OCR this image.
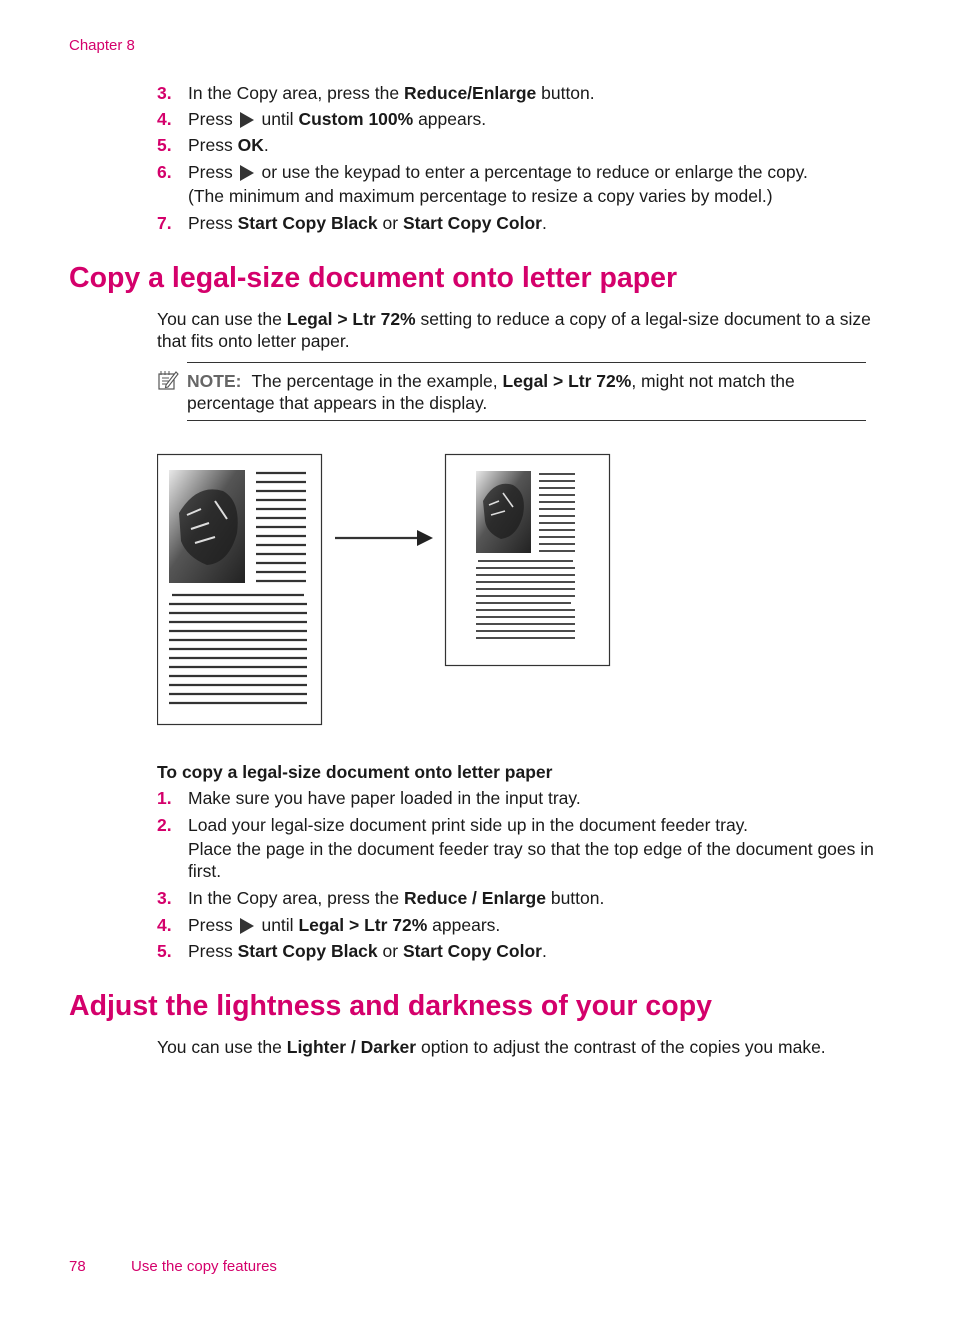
Chapter 8
3. In the Copy area, press the Reduce/Enlarge button.
4. Press  until Custom 100% appears.
5. Press OK.
6. Press  or use the keypad to enter a percentage to reduce or enlarge the copy.
(The minimum and maximum percentage to resize a copy varies by model.)
7. Press Start Copy Black or Start Copy Color.
Copy a legal-size document onto letter paper
You can use the Legal > Ltr 72% setting to reduce a copy of a legal-size document to a size that fits onto letter paper.
NOTE: The percentage in the example, Legal > Ltr 72%, might not match the percentage that appears in the display.
To copy a legal-size document onto letter paper
1. Make sure you have paper loaded in the input tray.
2. Load your legal-size document print side up in the document feeder tray.
Place the page in the document feeder tray so that the top edge of the document goes in first.
3. In the Copy area, press the Reduce / Enlarge button.
4. Press  until Legal > Ltr 72% appears.
5. Press Start Copy Black or Start Copy Color.
Adjust the lightness and darkness of your copy
You can use the Lighter / Darker option to adjust the contrast of the copies you make.
78	Use the copy features
